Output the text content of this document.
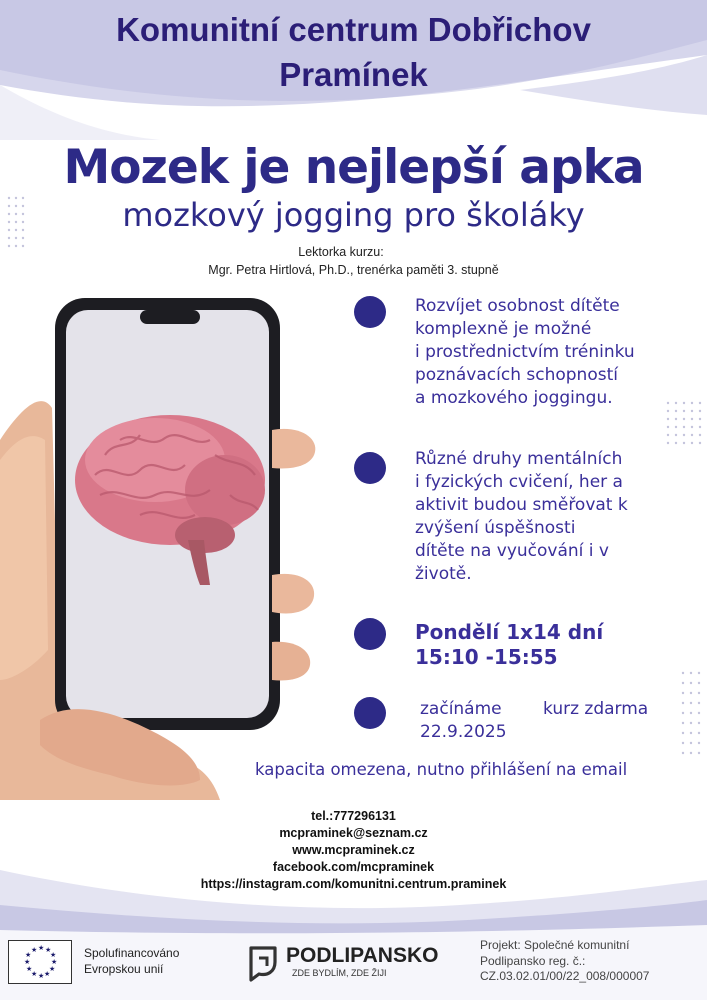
Komunitní centrum Dobřichov
Pramínek
Mozek je nejlepší apka
mozkový jogging pro školáky
Lektorka kurzu:
Mgr. Petra Hirtlová, Ph.D., trenérka paměti 3. stupně
Rozvíjet osobnost dítěte
komplexně je možné
i prostřednictvím tréninku
poznávacích schopností
a mozkového joggingu.
Různé druhy mentálních
i fyzických cvičení, her a
aktivit budou směřovat k
zvýšení úspěšnosti
dítěte na vyučování i v
životě.
Pondělí 1x14 dní
15:10 -15:55
začínáme
22.9.2025
kurz zdarma
kapacita omezena, nutno přihlášení na email
tel.:777296131
mcpraminek@seznam.cz
www.mcpraminek.cz
facebook.com/mcpraminek
https://instagram.com/komunitni.centrum.praminek
★ ★
★
★
★
★
★
★
★
★
★
★	Spolufinancováno
Evropskou unií
PODLIPANSKO
ZDE BYDLÍM, ZDE ŽIJI
Projekt: Společné komunitní
Podlipansko reg. č.:
CZ.03.02.01/00/22_008/000007
